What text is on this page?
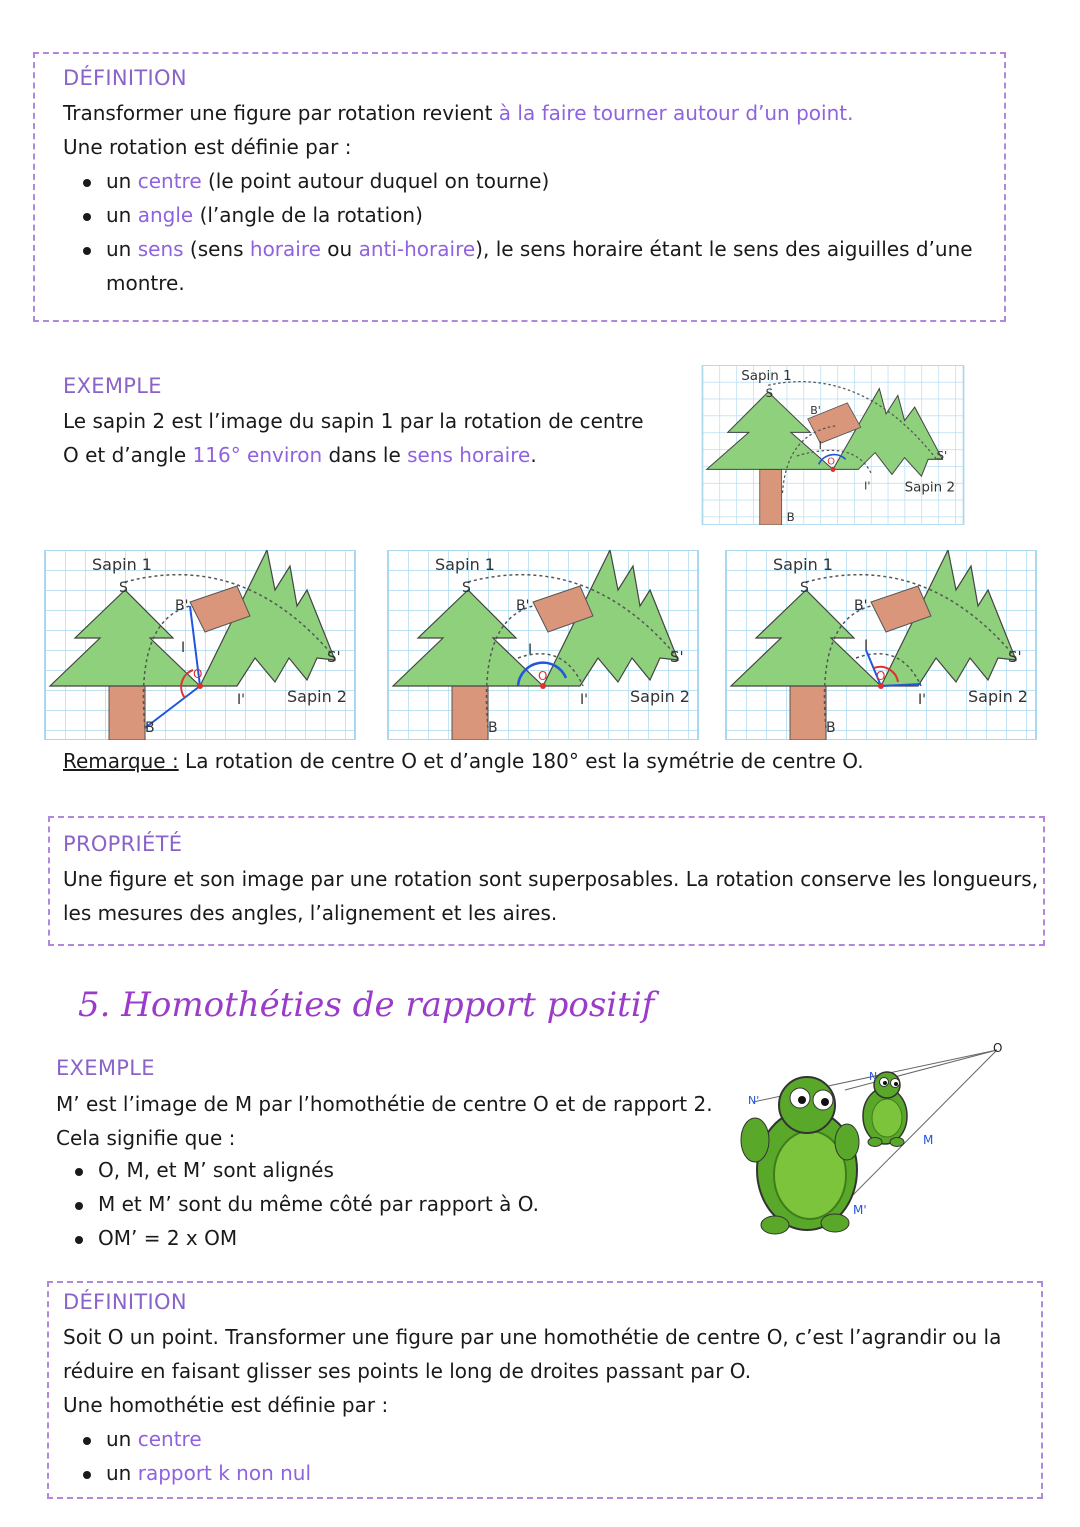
DÉFINITION
Transformer une figure par rotation revient à la faire tourner autour d’un point.
Une rotation est définie par :
un centre (le point autour duquel on tourne)
un angle (l’angle de la rotation)
un sens (sens horaire ou anti-horaire), le sens horaire étant le sens des aiguilles d’une
montre.
EXEMPLE
Le sapin 2 est l’image du sapin 1 par la rotation de centre
O et d’angle 116° environ dans le sens horaire.
Sapin 1
S
B'
I
O
I'
S'
Sapin 2
B
Sapin 1
S
B'
I
O
I'
S'
Sapin 2
B
Sapin 1
S
B'
I
O
I'
S'
Sapin 2
B
Sapin 1
S
B'
I
O
I'
S'
Sapin 2
B
Remarque : La rotation de centre O et d’angle 180° est la symétrie de centre O.
PROPRIÉTÉ
Une figure et son image par une rotation sont superposables. La rotation conserve les longueurs,
les mesures des angles, l’alignement et les aires.
5. Homothéties de rapport positif
EXEMPLE
M’ est l’image de M par l’homothétie de centre O et de rapport 2.
Cela signifie que :
O, M, et M’ sont alignés
M et M’ sont du même côté par rapport à O.
OM’ = 2 x OM
O
M
M'
N
N'
DÉFINITION
Soit O un point. Transformer une figure par une homothétie de centre O, c’est l’agrandir ou la
réduire en faisant glisser ses points le long de droites passant par O.
Une homothétie est définie par :
un centre
un rapport k non nul
